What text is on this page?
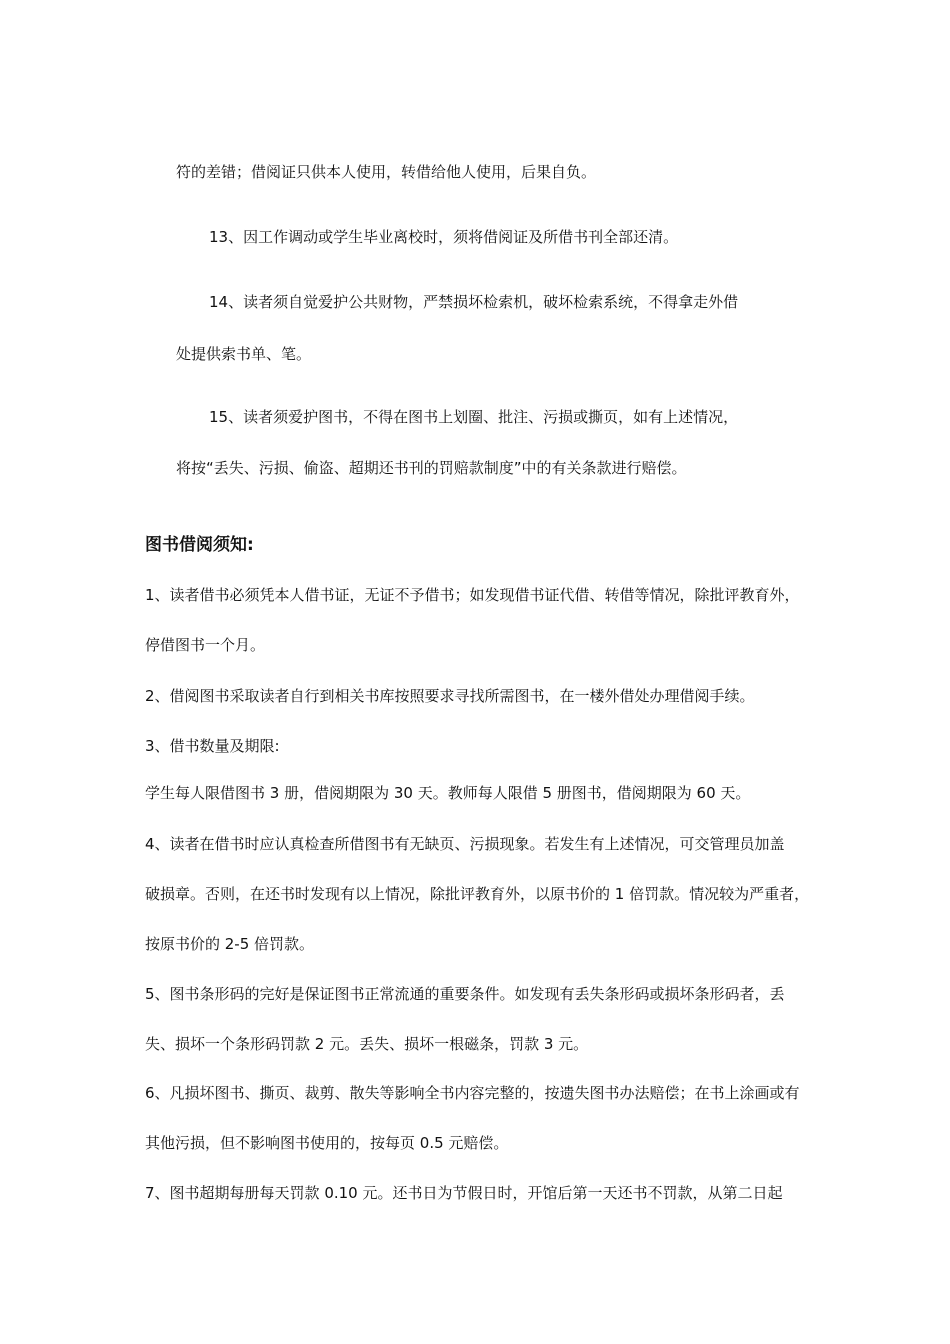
符的差错；借阅证只供本人使用，转借给他人使用，后果自负。

13、因工作调动或学生毕业离校时，须将借阅证及所借书刊全部还清。

14、读者须自觉爱护公共财物，严禁损坏检索机，破坏检索系统，不得拿走外借

处提供索书单、笔。

15、读者须爱护图书，不得在图书上划圈、批注、污损或撕页，如有上述情况，

将按“丢失、污损、偷盗、超期还书刊的罚赔款制度”中的有关条款进行赔偿。

图书借阅须知:

1、读者借书必须凭本人借书证，无证不予借书；如发现借书证代借、转借等情况，除批评教育外，

停借图书一个月。

2、借阅图书采取读者自行到相关书库按照要求寻找所需图书，在一楼外借处办理借阅手续。

3、借书数量及期限:

学生每人限借图书 3 册，借阅期限为 30 天。教师每人限借 5 册图书，借阅期限为 60 天。

4、读者在借书时应认真检查所借图书有无缺页、污损现象。若发生有上述情况，可交管理员加盖

破损章。否则，在还书时发现有以上情况，除批评教育外，以原书价的 1 倍罚款。情况较为严重者，

按原书价的 2-5 倍罚款。

5、图书条形码的完好是保证图书正常流通的重要条件。如发现有丢失条形码或损坏条形码者，丢

失、损坏一个条形码罚款 2 元。丢失、损坏一根磁条，罚款 3 元。

6、凡损坏图书、撕页、裁剪、散失等影响全书内容完整的，按遗失图书办法赔偿；在书上涂画或有

其他污损，但不影响图书使用的，按每页 0.5 元赔偿。

7、图书超期每册每天罚款 0.10 元。还书日为节假日时，开馆后第一天还书不罚款，从第二日起
